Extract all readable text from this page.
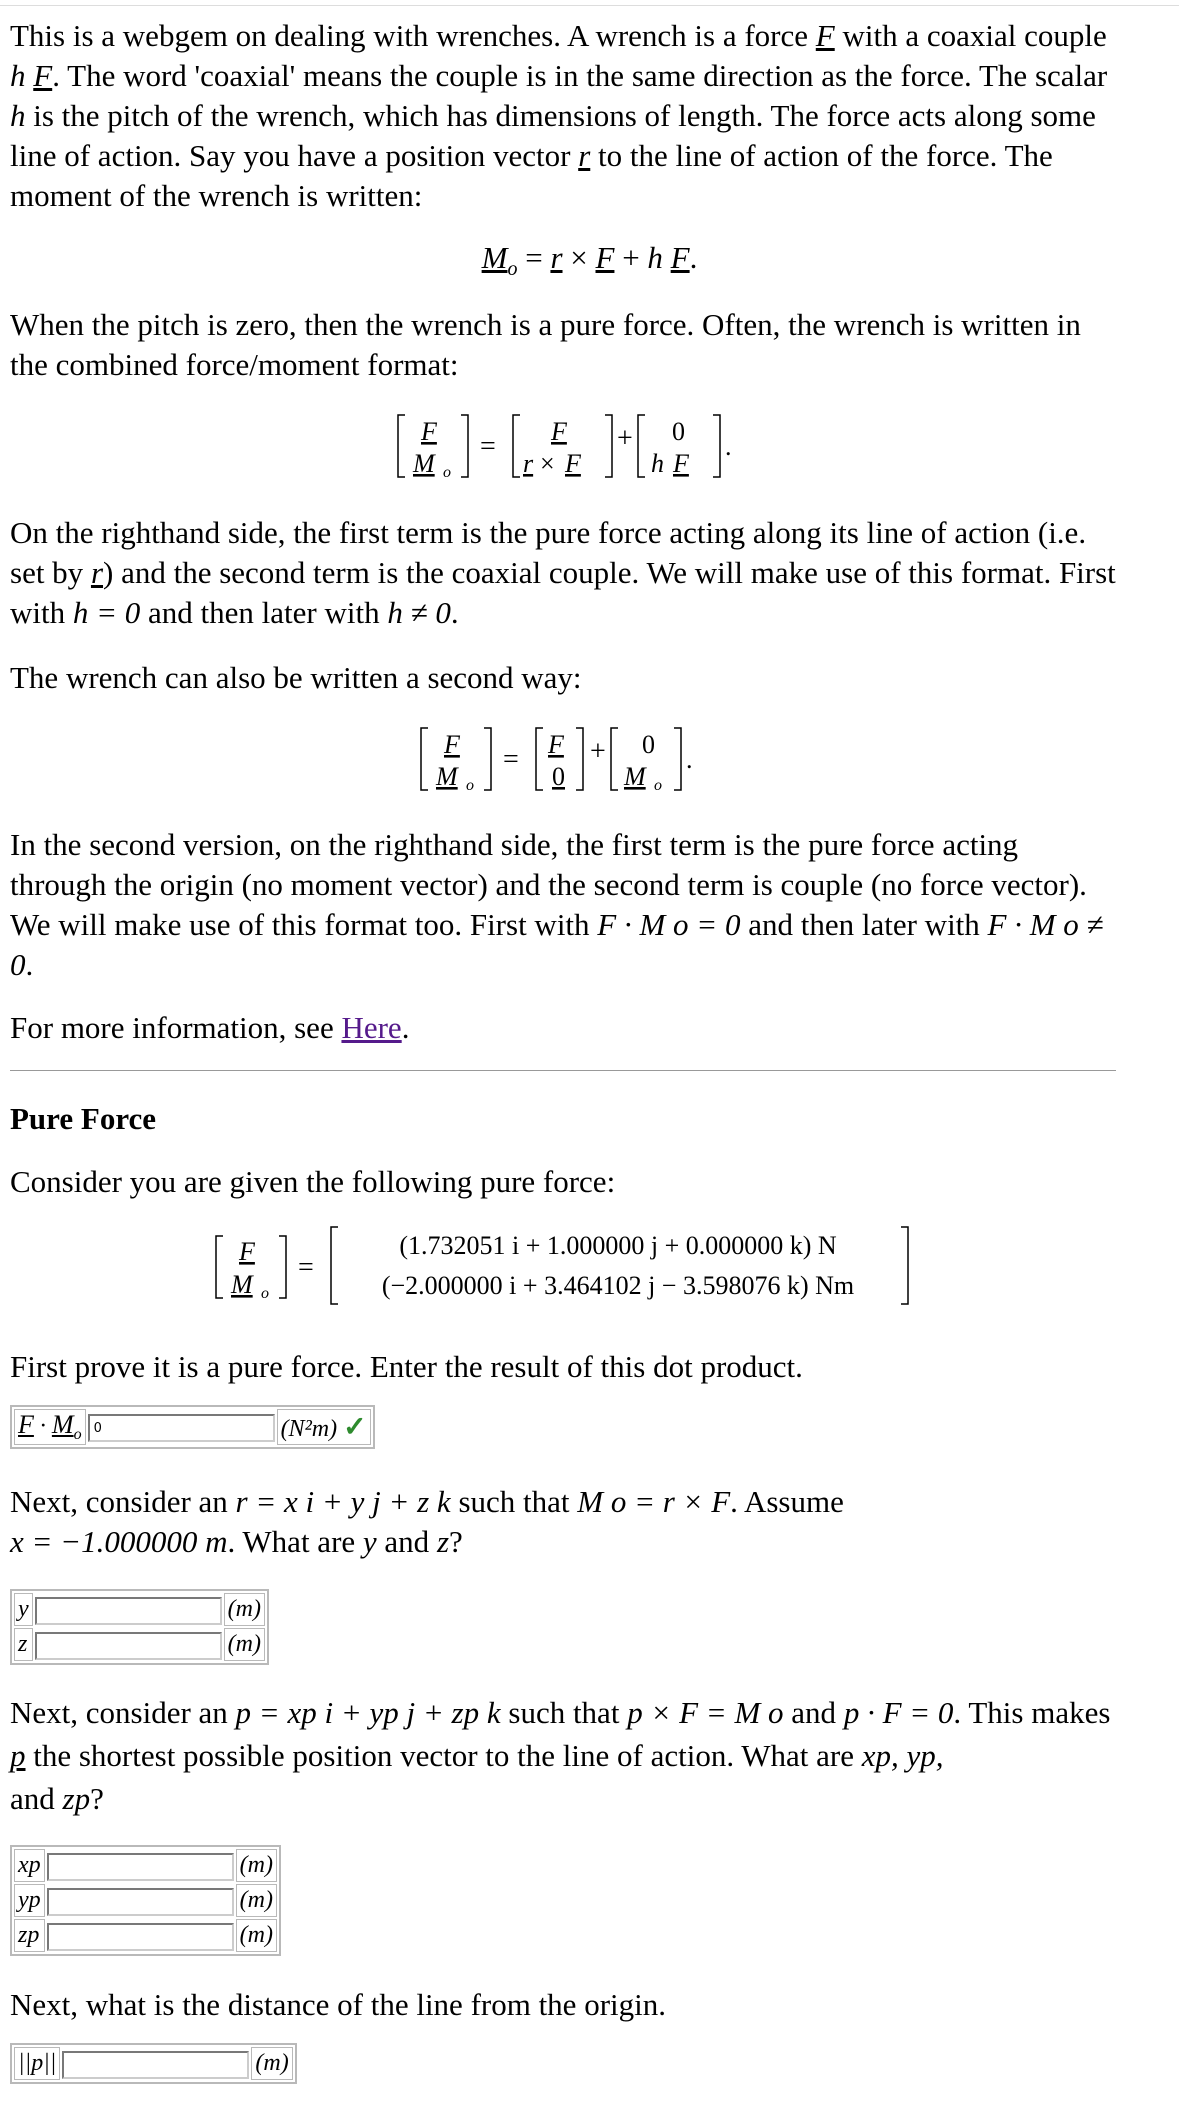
This is a webgem on dealing with wrenches. A wrench is a force F with a coaxial couple h F. The word 'coaxial' means the couple is in the same direction as the force. The scalar h is the pitch of the wrench, which has dimensions of length. The force acts along some line of action. Say you have a position vector r to the line of action of the force. The moment of the wrench is written:
$M_o = r \times F + h$ F.
When the pitch is zero, then the wrench is a pure force. Often, the wrench is written in the combined force/moment format:
F
M o
= F
r × F
+ 0
h F
.
On the righthand side, the first term is the pure force acting along its line of action (i.e. set by r) and the second term is the coaxial couple. We will make use of this format. First with h = 0 and then later with h ≠ 0.
The wrench can also be written a second way:
F
M o
= F
0
+ 0
M o
.
In the second version, on the righthand side, the first term is the pure force acting through the origin (no moment vector) and the second term is couple (no force vector). We will make use of this format too. First with F · M o = 0 and then later with F · M o ≠ 0.
For more information, see Here.
Pure Force
Consider you are given the following pure force:
F
M o
=
(1.732051 i + 1.000000 j + 0.000000 k) N
(−2.000000 i + 3.464102 j − 3.598076 k) Nm
First prove it is a pure force. Enter the result of this dot product.
$F \cdot M_o$	0	(N²m) ✓
Next, consider an r = x i + y j + z k such that M o = r × F. Assume
x = −1.000000 m. What are y and z?
y		(m)
z		(m)
Next, consider an p = xp i + yp j + zp k such that p × F = M o and p · F = 0. This makes p the shortest possible position vector to the line of action. What are xp, yp,
and zp?
xp		(m)
yp		(m)
zp		(m)
Next, what is the distance of the line from the origin.
||p||		(m)
